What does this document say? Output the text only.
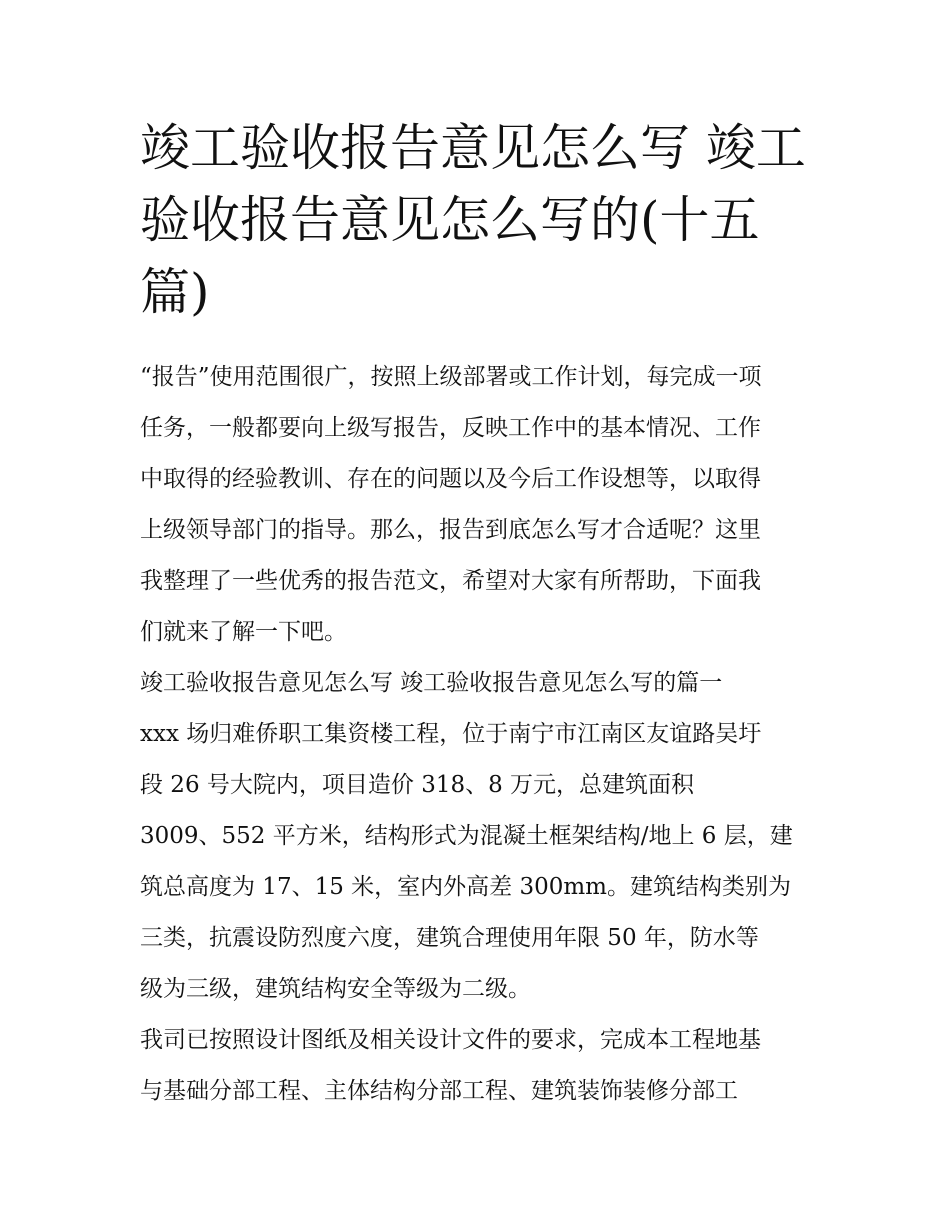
竣工验收报告意见怎么写 竣工验收报告意见怎么写的(十五篇)
“报告”使用范围很广，按照上级部署或工作计划，每完成一项
任务，一般都要向上级写报告，反映工作中的基本情况、工作
中取得的经验教训、存在的问题以及今后工作设想等，以取得
上级领导部门的指导。那么，报告到底怎么写才合适呢？这里
我整理了一些优秀的报告范文，希望对大家有所帮助，下面我
们就来了解一下吧。
竣工验收报告意见怎么写 竣工验收报告意见怎么写的篇一
xxx 场归难侨职工集资楼工程，位于南宁市江南区友谊路吴圩
段 26 号大院内，项目造价 318、8 万元，总建筑面积
3009、552 平方米，结构形式为混凝土框架结构/地上 6 层，建
筑总高度为 17、15 米，室内外高差 300mm。建筑结构类别为
三类，抗震设防烈度六度，建筑合理使用年限 50 年，防水等
级为三级，建筑结构安全等级为二级。
我司已按照设计图纸及相关设计文件的要求，完成本工程地基
与基础分部工程、主体结构分部工程、建筑装饰装修分部工
